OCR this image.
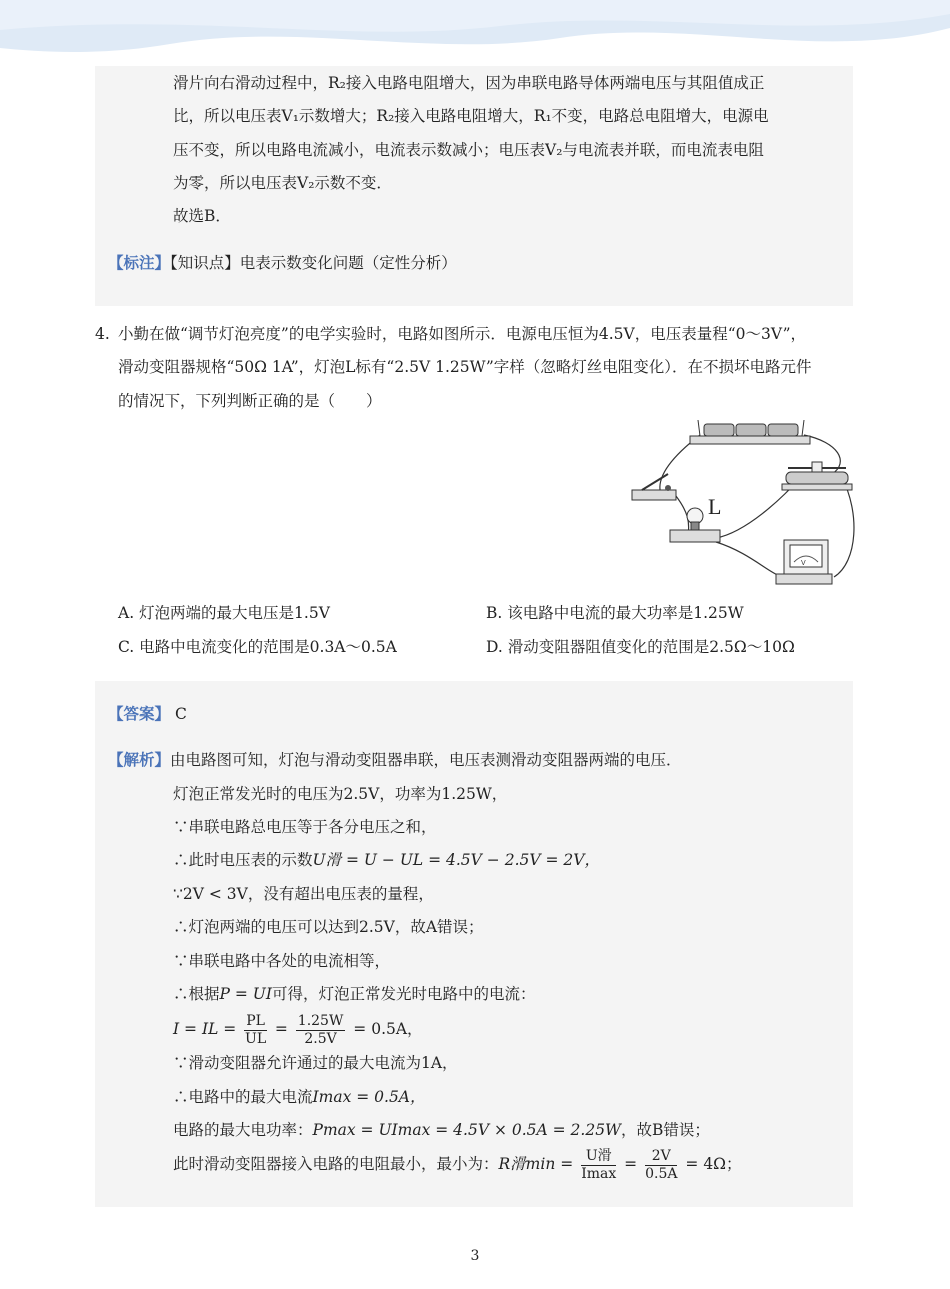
滑片向右滑动过程中，R₂接入电路电阻增大，因为串联电路导体两端电压与其阻值成正
比，所以电压表V₁示数增大；R₂接入电路电阻增大，R₁不变，电路总电阻增大，电源电
压不变，所以电路电流减小，电流表示数减小；电压表V₂与电流表并联，而电流表电阻
为零，所以电压表V₂示数不变．
故选B．
【标注】【知识点】电表示数变化问题（定性分析）
4. 小勤在做“调节灯泡亮度”的电学实验时，电路如图所示．电源电压恒为4.5V，电压表量程“0～3V”，
滑动变阻器规格“50Ω 1A”，灯泡L标有“2.5V 1.25W”字样（忽略灯丝电阻变化）．在不损坏电路元件
的情况下，下列判断正确的是（　　）
L
V
A. 灯泡两端的最大电压是1.5V	B. 该电路中电流的最大功率是1.25W
C. 电路中电流变化的范围是0.3A～0.5A	D. 滑动变阻器阻值变化的范围是2.5Ω～10Ω
【答案】 C
【解析】由电路图可知，灯泡与滑动变阻器串联，电压表测滑动变阻器两端的电压．
灯泡正常发光时的电压为2.5V，功率为1.25W，
∵串联电路总电压等于各分电压之和，
∴此时电压表的示数U滑 = U − UL = 4.5V − 2.5V = 2V，
∵2V < 3V，没有超出电压表的量程，
∴灯泡两端的电压可以达到2.5V，故A错误；
∵串联电路中各处的电流相等，
∴根据P = UI可得，灯泡正常发光时电路中的电流：
I = IL = $\frac{PL}{UL} = \frac{1.25W}{2.5V} = 0.5A$，
∵滑动变阻器允许通过的最大电流为1A，
∴电路中的最大电流Imax = 0.5A，
电路的最大电功率：Pmax = UImax = 4.5V × 0.5A = 2.25W，故B错误；
此时滑动变阻器接入电路的电阻最小，最小为：R滑$\min = \frac{\text{U滑}}{Imax} = \frac{2V}{0.5A} = 4\Omega$；
3
